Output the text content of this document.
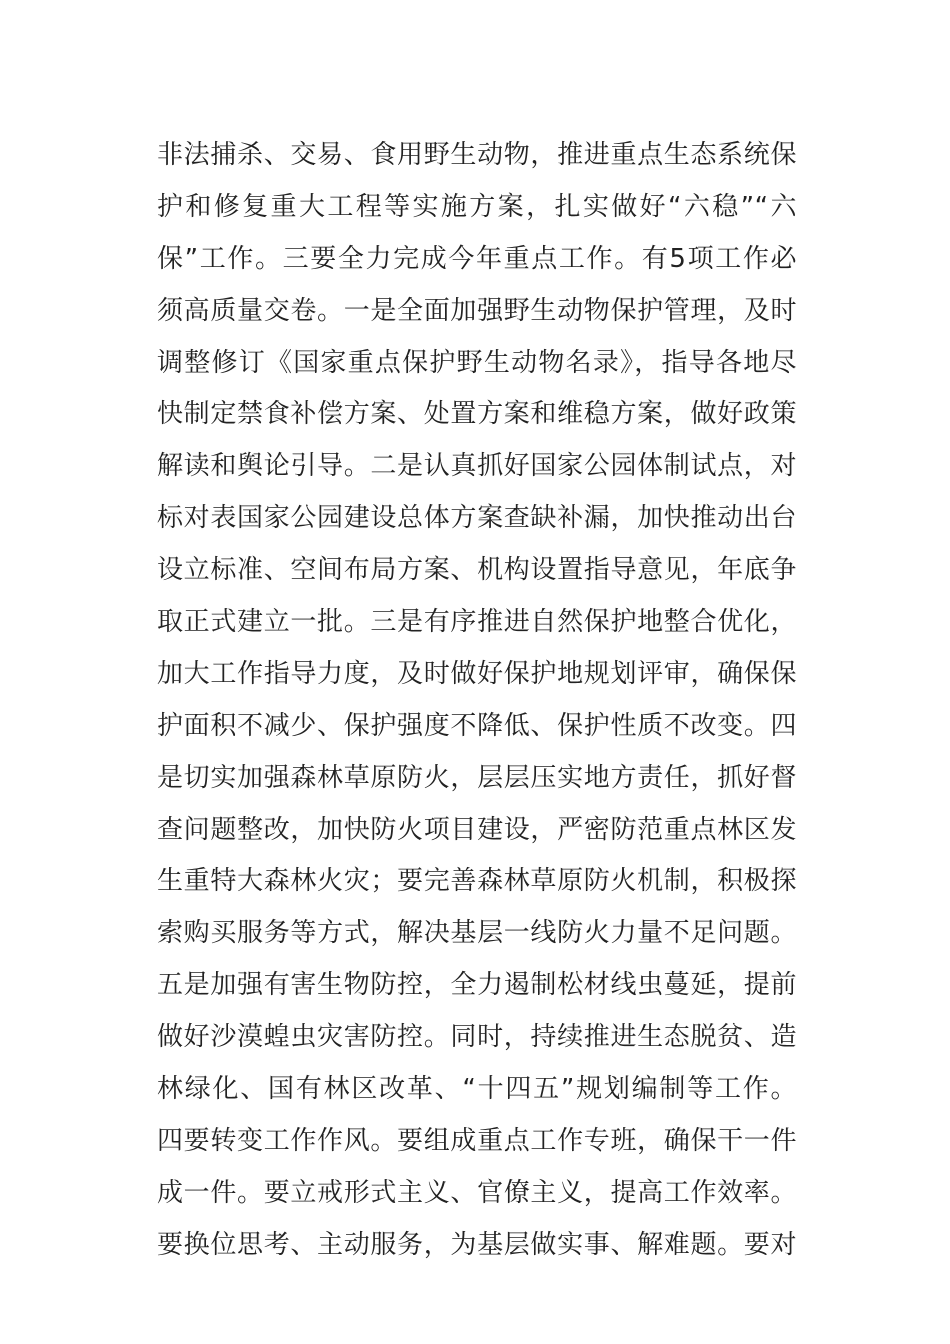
非法捕杀、交易、食用野生动物，推进重点生态系统保
护和修复重大工程等实施方案，扎实做好“六稳”“六
保”工作。三要全力完成今年重点工作。有5项工作必
须高质量交卷。一是全面加强野生动物保护管理，及时
调整修订《国家重点保护野生动物名录》，指导各地尽
快制定禁食补偿方案、处置方案和维稳方案，做好政策
解读和舆论引导。二是认真抓好国家公园体制试点，对
标对表国家公园建设总体方案查缺补漏，加快推动出台
设立标准、空间布局方案、机构设置指导意见，年底争
取正式建立一批。三是有序推进自然保护地整合优化，
加大工作指导力度，及时做好保护地规划评审，确保保
护面积不减少、保护强度不降低、保护性质不改变。四
是切实加强森林草原防火，层层压实地方责任，抓好督
查问题整改，加快防火项目建设，严密防范重点林区发
生重特大森林火灾；要完善森林草原防火机制，积极探
索购买服务等方式，解决基层一线防火力量不足问题。
五是加强有害生物防控，全力遏制松材线虫蔓延，提前
做好沙漠蝗虫灾害防控。同时，持续推进生态脱贫、造
林绿化、国有林区改革、“十四五”规划编制等工作。
四要转变工作作风。要组成重点工作专班，确保干一件
成一件。要立戒形式主义、官僚主义，提高工作效率。
要换位思考、主动服务，为基层做实事、解难题。要对
